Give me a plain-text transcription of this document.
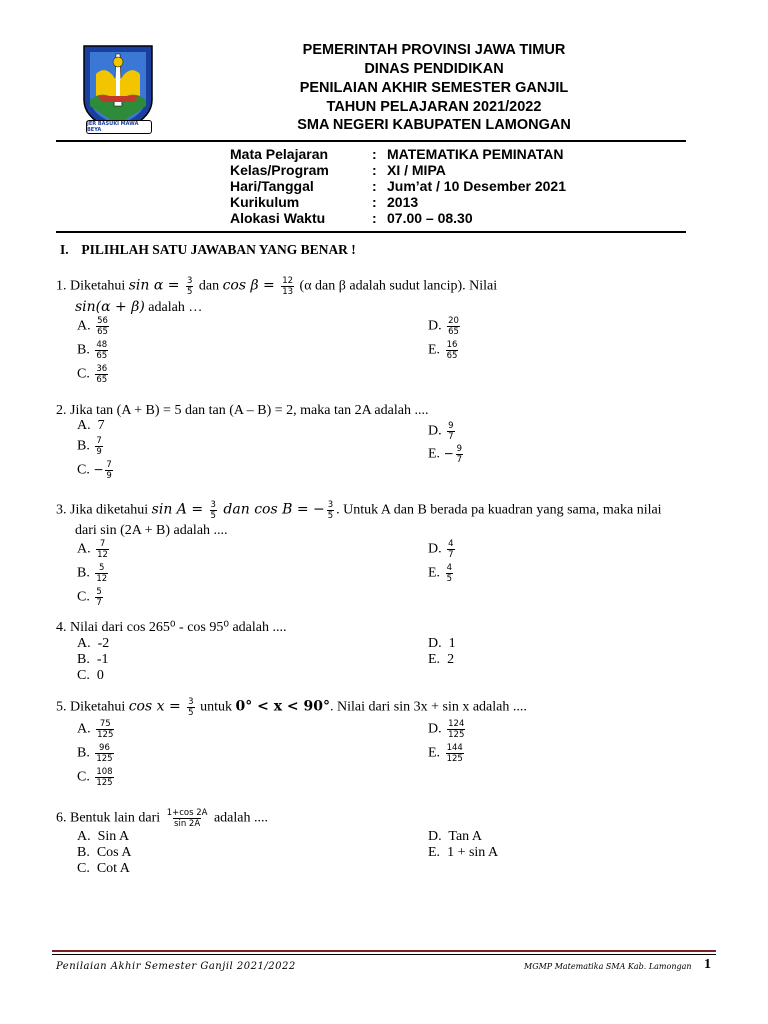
JER BASUKI MAWA BEYA
PEMERINTAH PROVINSI JAWA TIMUR
DINAS PENDIDIKAN
PENILAIAN AKHIR SEMESTER GANJIL
TAHUN PELAJARAN 2021/2022
SMA NEGERI KABUPATEN LAMONGAN
Mata Pelajaran	: MATEMATIKA PEMINATAN
Kelas/Program	: XI / MIPA
Hari/Tanggal	: Jum’at / 10 Desember 2021
Kurikulum	: 2013
Alokasi Waktu	: 07.00 – 08.30
I. PILIHLAH SATU JAWABAN YANG BENAR !
1. Diketahui $\sin \alpha = \frac{3}{5}$ dan $\cos \beta = \frac{12}{13} (\alpha$ dan β adalah sudut lancip). Nilai
sin(α + β) adalah …
A. $\frac{56}{65}$
B. $\frac{48}{65}$
C. $\frac{36}{65}$
D. $\frac{20}{65}$
E. $\frac{16}{65}$
2. Jika tan (A + B) = 5 dan tan (A – B) = 2, maka tan 2A adalah ....
A. 7
B. $\frac{7}{9}$
C. − $\frac{7}{9}$
D. $\frac{9}{7}$
E. − $\frac{9}{7}$
3. Jika diketahui $\sin A = \frac{3}{5}$ dan cos B = − $\frac{3}{5}$ . Untuk A dan B berada pa kuadran yang sama, maka nilai
dari sin (2A + B) adalah ....
A. $\frac{7}{12}$
B. $\frac{5}{12}$
C. $\frac{5}{7}$
D. $\frac{4}{7}$
E. $\frac{4}{5}$
4. Nilai dari cos 265⁰ - cos 95⁰ adalah ....
A. -2
B. -1
C. 0
D. 1
E. 2
5. Diketahui $\cos x = \frac{3}{5}$ untuk 0° < x < 90°. Nilai dari sin 3x + sin x adalah ....
A. $\frac{75}{125}$
B. $\frac{96}{125}$
C. $\frac{108}{125}$
D. $\frac{124}{125}$
E. $\frac{144}{125}$
6. Bentuk lain dari $\frac{1+\cos 2A}{\sin 2A}$ adalah ....
A. Sin A
B. Cos A
C. Cot A
D. Tan A
E. 1 + sin A
Penilaian Akhir Semester Ganjil 2021/2022	MGMP Matematika SMA Kab. Lamongan 1
